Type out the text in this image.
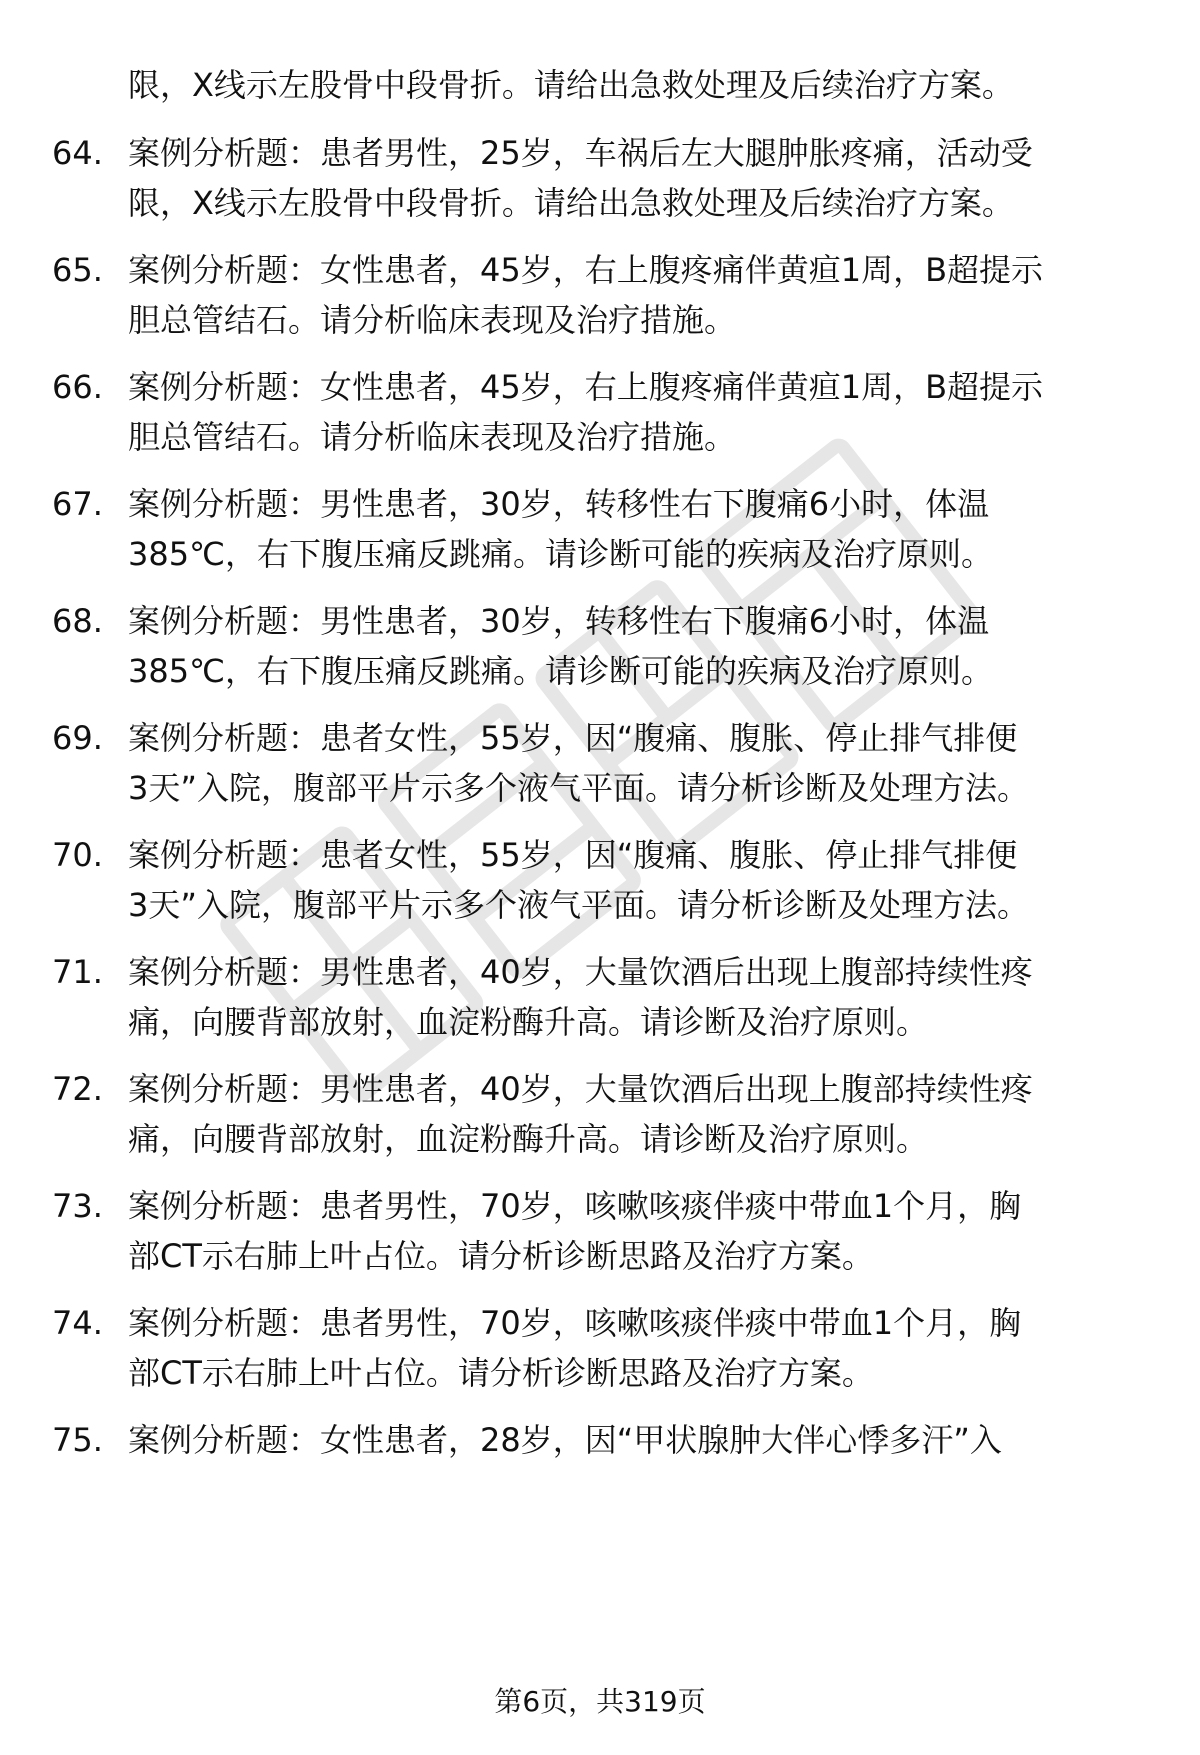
限，X线示左股骨中段骨折。请给出急救处理及后续治疗方案。
64. 案例分析题：患者男性，25岁，车祸后左大腿肿胀疼痛，活动受
限，X线示左股骨中段骨折。请给出急救处理及后续治疗方案。
65. 案例分析题：女性患者，45岁，右上腹疼痛伴黄疸1周，B超提示
胆总管结石。请分析临床表现及治疗措施。
66. 案例分析题：女性患者，45岁，右上腹疼痛伴黄疸1周，B超提示
胆总管结石。请分析临床表现及治疗措施。
67. 案例分析题：男性患者，30岁，转移性右下腹痛6小时，体温
385℃，右下腹压痛反跳痛。请诊断可能的疾病及治疗原则。
68. 案例分析题：男性患者，30岁，转移性右下腹痛6小时，体温
385℃，右下腹压痛反跳痛。请诊断可能的疾病及治疗原则。
69. 案例分析题：患者女性，55岁，因“腹痛、腹胀、停止排气排便
3天”入院，腹部平片示多个液气平面。请分析诊断及处理方法。
70. 案例分析题：患者女性，55岁，因“腹痛、腹胀、停止排气排便
3天”入院，腹部平片示多个液气平面。请分析诊断及处理方法。
71. 案例分析题：男性患者，40岁，大量饮酒后出现上腹部持续性疼
痛，向腰背部放射，血淀粉酶升高。请诊断及治疗原则。
72. 案例分析题：男性患者，40岁，大量饮酒后出现上腹部持续性疼
痛，向腰背部放射，血淀粉酶升高。请诊断及治疗原则。
73. 案例分析题：患者男性，70岁，咳嗽咳痰伴痰中带血1个月，胸
部CT示右肺上叶占位。请分析诊断思路及治疗方案。
74. 案例分析题：患者男性，70岁，咳嗽咳痰伴痰中带血1个月，胸
部CT示右肺上叶占位。请分析诊断思路及治疗方案。
75. 案例分析题：女性患者，28岁，因“甲状腺肿大伴心悸多汗”入
第6页，共319页
